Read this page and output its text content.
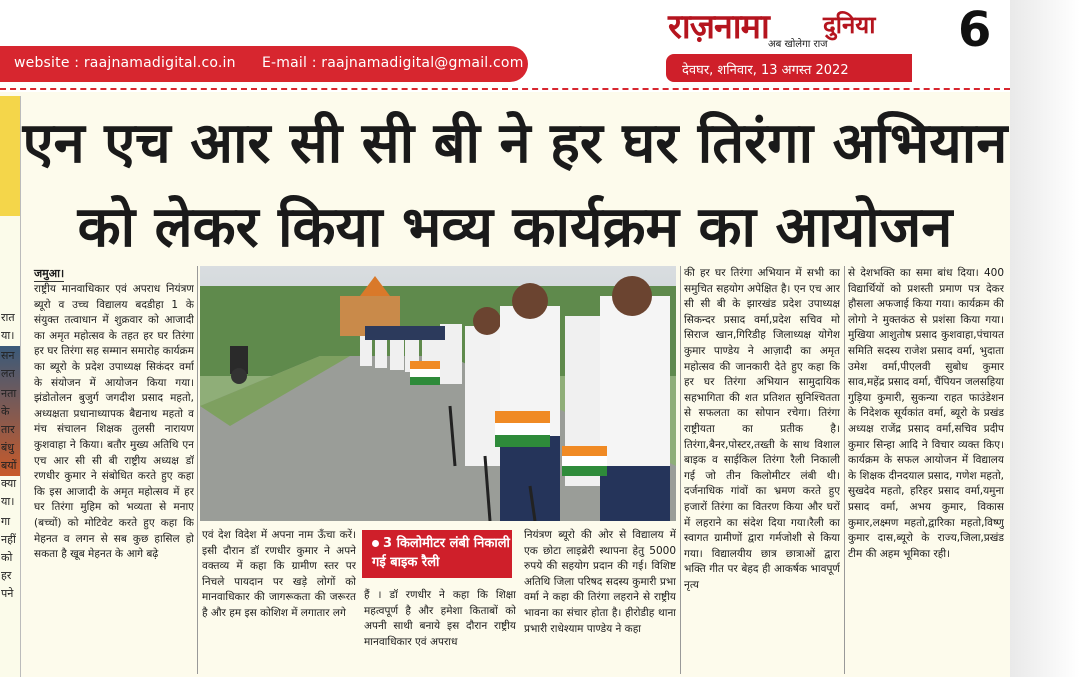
website : raajnamadigital.co.in E-mail : raajnamadigital@gmail.com
राज़नामा दुनिया
अब खोलेगा राज
देवघर, शनिवार, 13 अगस्त 2022
6
रात
या।
सन
लत
नता
के
तार
बंधु
बयों
क्या
या।
गा
नहीं
को
हर
पने
एन एच आर सी सी बी ने हर घर तिरंगा अभियान
को लेकर किया भव्य कार्यक्रम का आयोजन
जमुआ।
राष्ट्रीय मानवाधिकार एवं अपराध नियंत्रण ब्यूरो व उच्च विद्यालय बदडीहा 1 के संयुक्त तत्वाधान में शुक्रवार को आजादी का अमृत महोत्सव के तहत हर घर तिरंगा हर घर तिरंगा सह सम्मान समारोह कार्यक्रम का ब्यूरो के प्रदेश उपाध्यक्ष सिकंदर वर्मा के संयोजन में आयोजन किया गया। झंडोतोलन बुजुर्ग जगदीश प्रसाद महतो, अध्यक्षता प्रधानाध्यापक बैद्यनाथ महतो व मंच संचालन शिक्षक तुलसी नारायण कुशवाहा ने किया। बतौर मुख्य अतिथि एन एच आर सी सी बी राष्ट्रीय अध्यक्ष डॉ रणधीर कुमार ने संबोधित करते हुए कहा कि इस आजादी के अमृत महोत्सव में हर घर तिरंगा मुहिम को भव्यता से मनाए (बच्चों) को मोटिवेट करते हुए कहा कि मेहनत व लगन से सब कुछ हासिल हो सकता है खूब मेहनत के आगे बढ़े
एवं देश विदेश में अपना नाम ऊँचा करें। इसी दौरान डॉ रणधीर कुमार ने अपने वक्तव्य में कहा कि ग्रामीण स्तर पर निचले पायदान पर खड़े लोगों को मानवाधिकार की जागरूकता की जरूरत है और हम इस कोशिश में लगातार लगे
3 किलोमीटर लंबी निकाली गई बाइक रैली
हैं । डॉ रणधीर ने कहा कि शिक्षा महत्वपूर्ण है और हमेशा किताबों को अपनी साथी बनाये इस दौरान राष्ट्रीय मानवाधिकार एवं अपराध
नियंत्रण ब्यूरो की ओर से विद्यालय में एक छोटा लाइब्रेरी स्थापना हेतु 5000 रुपये की सहयोग प्रदान की गई। विशिष्ट अतिथि जिला परिषद सदस्य कुमारी प्रभा वर्मा ने कहा की तिरंगा लहराने से राष्ट्रीय भावना का संचार होता है। हीरोडीह थाना प्रभारी राधेश्याम पाण्डेय ने कहा
की हर घर तिरंगा अभियान में सभी का समुचित सहयोग अपेक्षित है। एन एच आर सी सी बी के झारखंड प्रदेश उपाध्यक्ष सिकन्दर प्रसाद वर्मा,प्रदेश सचिव मो सिराज खान,गिरिडीह जिलाध्यक्ष योगेश कुमार पाण्डेय ने आज़ादी का अमृत महोत्सव की जानकारी देते हुए कहा कि हर घर तिरंगा अभियान सामुदायिक सहभागिता की शत प्रतिशत सुनिश्चितता से सफलता का सोपान रचेगा। तिरंगा राष्ट्रीयता का प्रतीक है। तिरंगा,बैनर,पोस्टर,तख्ती के साथ विशाल बाइक व साईकिल तिरंगा रैली निकाली गई जो तीन किलोमीटर लंबी थी। दर्जनाधिक गांवों का भ्रमण करते हुए हजारों तिरंगा का वितरण किया और घरों में लहराने का संदेश दिया गया।रैली का स्वागत ग्रामीणों द्वारा गर्मजोशी से किया गया। विद्यालयीय छात्र छात्राओं द्वारा भक्ति गीत पर बेहद ही आकर्षक भावपूर्ण नृत्य
से देशभक्ति का समा बांध दिया। 400 विद्यार्थियों को प्रशस्ती प्रमाण पत्र देकर हौसला अफजाई किया गया। कार्यक्रम की लोगो ने मुक्तकंठ से प्रशंसा किया गया। मुखिया आशुतोष प्रसाद कुशवाहा,पंचायत समिति सदस्य राजेश प्रसाद वर्मा, भुदाता उमेश वर्मा,पीएलवी सुबोध कुमार साव,महेंद्र प्रसाद वर्मा, चैंपियन जलसहिया गुड़िया कुमारी, सुकन्या राहत फाउंडेशन के निदेशक सूर्यकांत वर्मा, ब्यूरो के प्रखंड अध्यक्ष राजेंद्र प्रसाद वर्मा,सचिव प्रदीप कुमार सिन्हा आदि ने विचार व्यक्त किए।कार्यक्रम के सफल आयोजन में विद्यालय के शिक्षक दीनदयाल प्रसाद, गणेश महतो, सुखदेव महतो, हरिहर प्रसाद वर्मा,यमुना प्रसाद वर्मा, अभय कुमार, विकास कुमार,लक्ष्मण महतो,द्वारिका महतो,विष्णु कुमार दास,ब्यूरो के राज्य,जिला,प्रखंड टीम की अहम भूमिका रही।
